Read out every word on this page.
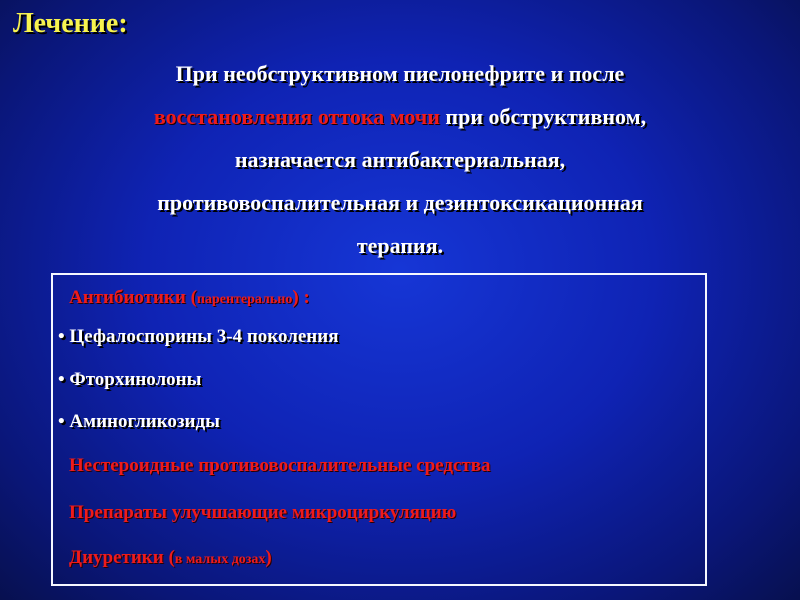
Лечение:
При необструктивном пиелонефрите и после
восстановления оттока мочи при обструктивном,
назначается антибактериальная,
противовоспалительная и дезинтоксикационная
терапия.
Антибиотики (парентерально) :
• Цефалоспорины 3-4 поколения
• Фторхинолоны
• Аминогликозиды
Нестероидные противовоспалительные средства
Препараты улучшающие микроциркуляцию
Диуретики (в малых дозах)
